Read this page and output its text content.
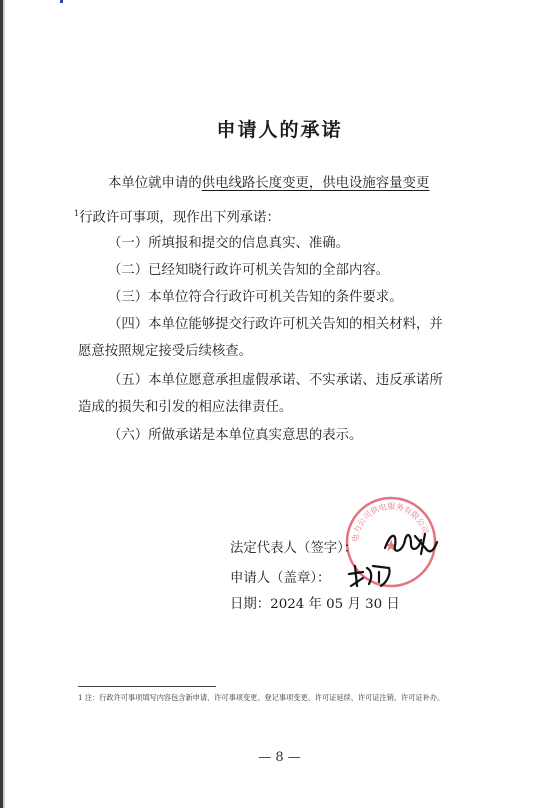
申请人的承诺
本单位就申请的供电线路长度变更，供电设施容量变更
$^1$行政许可事项，现作出下列承诺：
（一）所填报和提交的信息真实、准确。
（二）已经知晓行政许可机关告知的全部内容。
（三）本单位符合行政许可机关告知的条件要求。
（四）本单位能够提交行政许可机关告知的相关材料，并
愿意按照规定接受后续核查。
（五）本单位愿意承担虚假承诺、不实承诺、违反承诺所
造成的损失和引发的相应法律责任。
（六）所做承诺是本单位真实意思的表示。
电力公司供电服务有限公司
★
法定代表人（签字）：
申请人（盖章）：
日期：2024 年 05 月 30 日
1 注：行政许可事项填写内容包含新申请、许可事项变更、登记事项变更、许可证延续、许可证注销、许可证补办。
— 8 —
